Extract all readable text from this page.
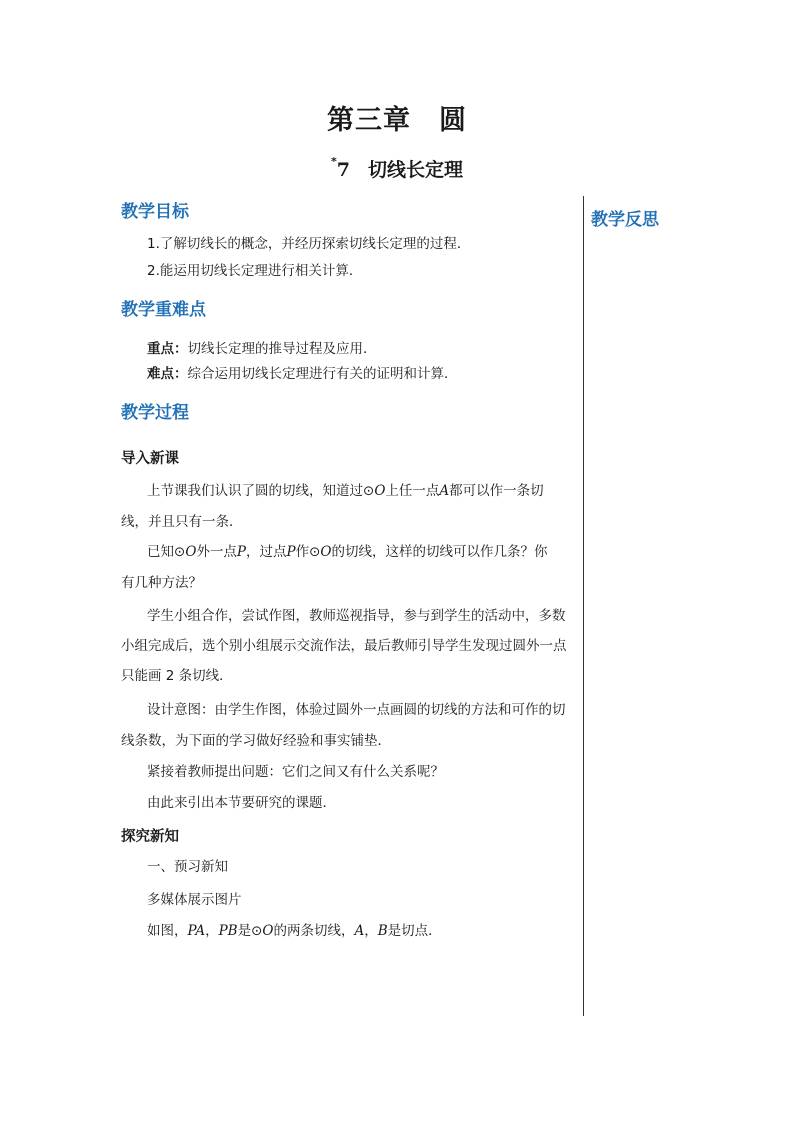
第三章 圆
*7 切线长定理
教学反思
教学目标
1.了解切线长的概念，并经历探索切线长定理的过程．
2.能运用切线长定理进行相关计算．
教学重难点
重点：切线长定理的推导过程及应用．
难点：综合运用切线长定理进行有关的证明和计算．
教学过程
导入新课
上节课我们认识了圆的切线，知道过⊙O上任一点A都可以作一条切
线，并且只有一条．
已知⊙O外一点P，过点P作⊙O的切线，这样的切线可以作几条？你
有几种方法？
学生小组合作，尝试作图，教师巡视指导，参与到学生的活动中，多数
小组完成后，选个别小组展示交流作法，最后教师引导学生发现过圆外一点
只能画 2 条切线．
设计意图：由学生作图，体验过圆外一点画圆的切线的方法和可作的切
线条数，为下面的学习做好经验和事实铺垫．
紧接着教师提出问题：它们之间又有什么关系呢？
由此来引出本节要研究的课题．
探究新知
一、预习新知
多媒体展示图片
如图，PA，PB是⊙O的两条切线，A，B是切点．
